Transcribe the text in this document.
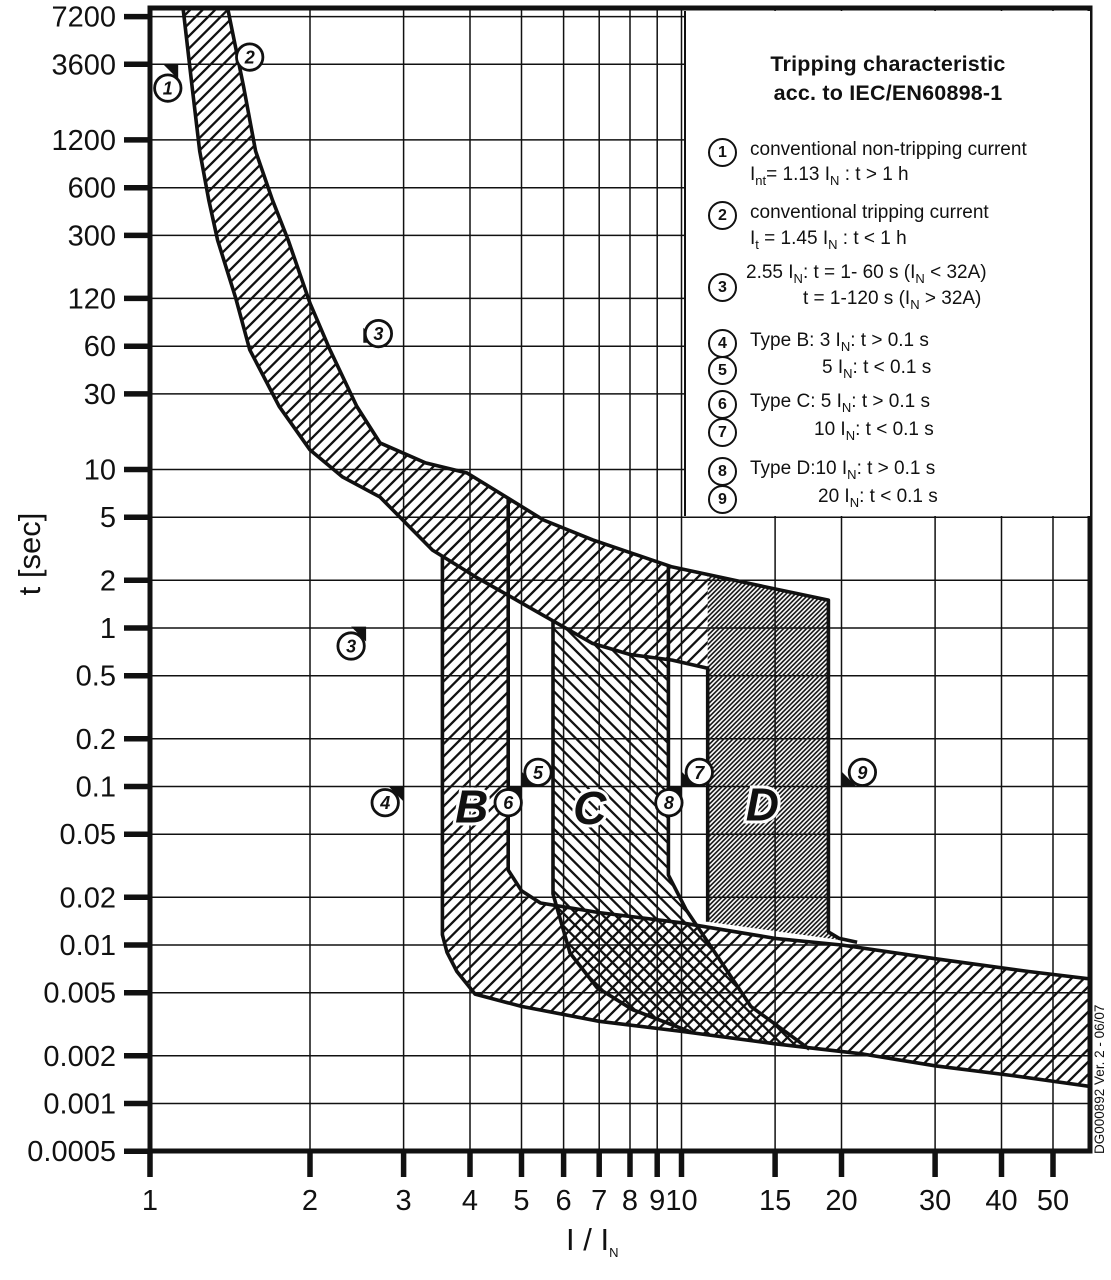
7200
3600
1200
600
300
120
60
30
10
5
2
1
0.5
0.2
0.1
0.05
0.02
0.01
0.005
0.002
0.001
0.0005
1	2	3 4 5 6 7 8 9 10 15 20 30 40 50
1
2
3
3
4
5
6
7
8
9
B C	D
Tripping characteristic
acc. to IEC/EN60898-1
1	conventional non-tripping current
$I_{nt}= 1.13$ $I_N$ : t > 1 h
2	conventional tripping current
$I_t = 1.45$ $I_N$ : t < 1 h
3
2.55 $I_N$: t = 1- 60 s $(I_N < 32A)$
t = 1-120 s $(I_N > 32A)$
4	Type B: 3 $I_N$: t > 0.1 s
5	5 $I_N$: t < 0.1 s
6	Type C: 5 $I_N$: t > 0.1 s
7	10 $I_N$: t < 0.1 s
8	Type D:10 $I_N$: t > 0.1 s
9	20 $I_N$: t < 0.1 s
t [sec]
I / $I_N$
DG000892 Ver. 2 - 06/07
